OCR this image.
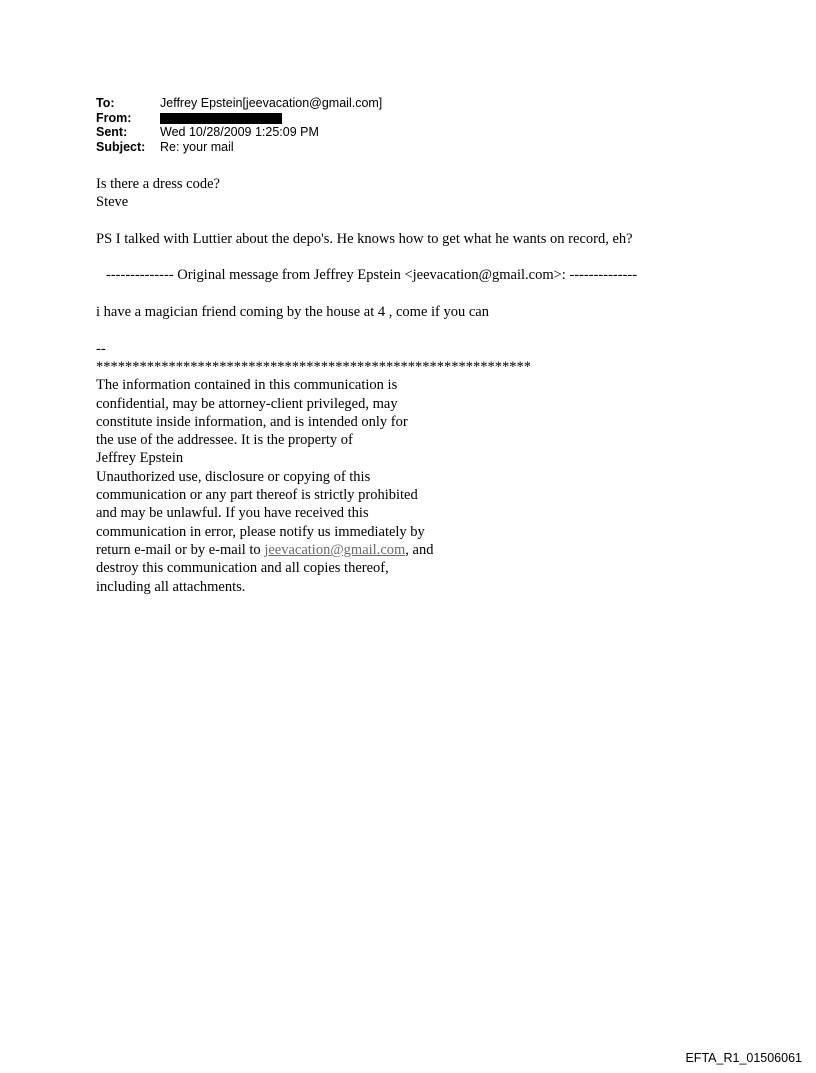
To:	Jeffrey Epstein[jeevacation@gmail.com]
From:
Sent:	Wed 10/28/2009 1:25:09 PM
Subject:	Re: your mail
Is there a dress code?
Steve
PS I talked with Luttier about the depo's. He knows how to get what he wants on record, eh?
-------------- Original message from Jeffrey Epstein <jeevacation@gmail.com>: --------------
i have a magician friend coming by the house at 4 , come if you can
--
************************************************************
The information contained in this communication is
confidential, may be attorney-client privileged, may
constitute inside information, and is intended only for
the use of the addressee. It is the property of
Jeffrey Epstein
Unauthorized use, disclosure or copying of this
communication or any part thereof is strictly prohibited
and may be unlawful. If you have received this
communication in error, please notify us immediately by
return e-mail or by e-mail to jeevacation@gmail.com, and
destroy this communication and all copies thereof,
including all attachments.
EFTA_R1_01506061
